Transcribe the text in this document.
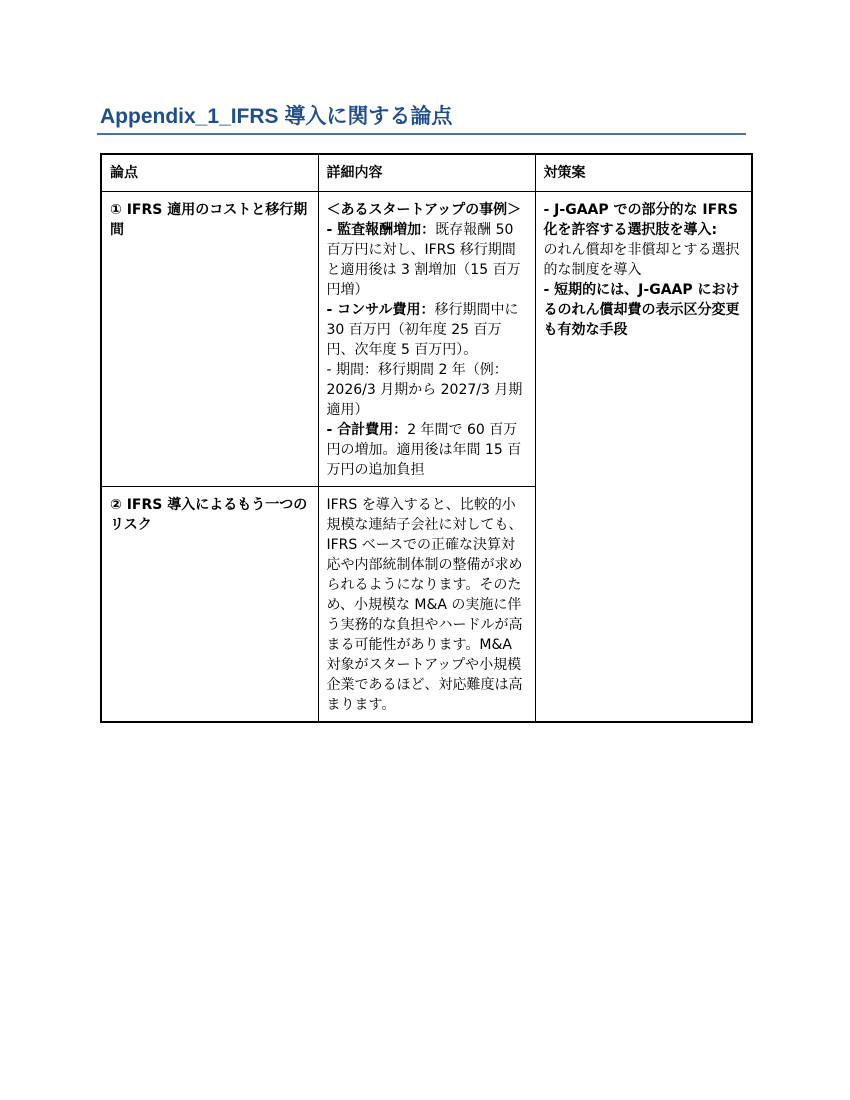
Appendix_1_IFRS 導入に関する論点
論点	詳細内容	対策案
① IFRS 適用のコストと移行期間	＜あるスタートアップの事例＞
- 監査報酬増加：既存報酬 50 百万円に対し、IFRS 移行期間と適用後は 3 割増加（15 百万円増）
- コンサル費用：移行期間中に 30 百万円（初年度 25 百万円、次年度 5 百万円）。
- 期間：移行期間 2 年（例：2026/3 月期から 2027/3 月期適用）
- 合計費用：2 年間で 60 百万円の増加。適用後は年間 15 百万円の追加負担	- J-GAAP での部分的な IFRS 化を許容する選択肢を導入:
のれん償却を非償却とする選択的な制度を導入
- 短期的には、J-GAAP におけるのれん償却費の表示区分変更も有効な手段

② IFRS 導入によるもう一つのリスク	IFRS を導入すると、比較的小規模な連結子会社に対しても、IFRS ベースでの正確な決算対応や内部統制体制の整備が求められるようになります。そのため、小規模な M&A の実施に伴う実務的な負担やハードルが高まる可能性があります。M&A 対象がスタートアップや小規模企業であるほど、対応難度は高まります。	
